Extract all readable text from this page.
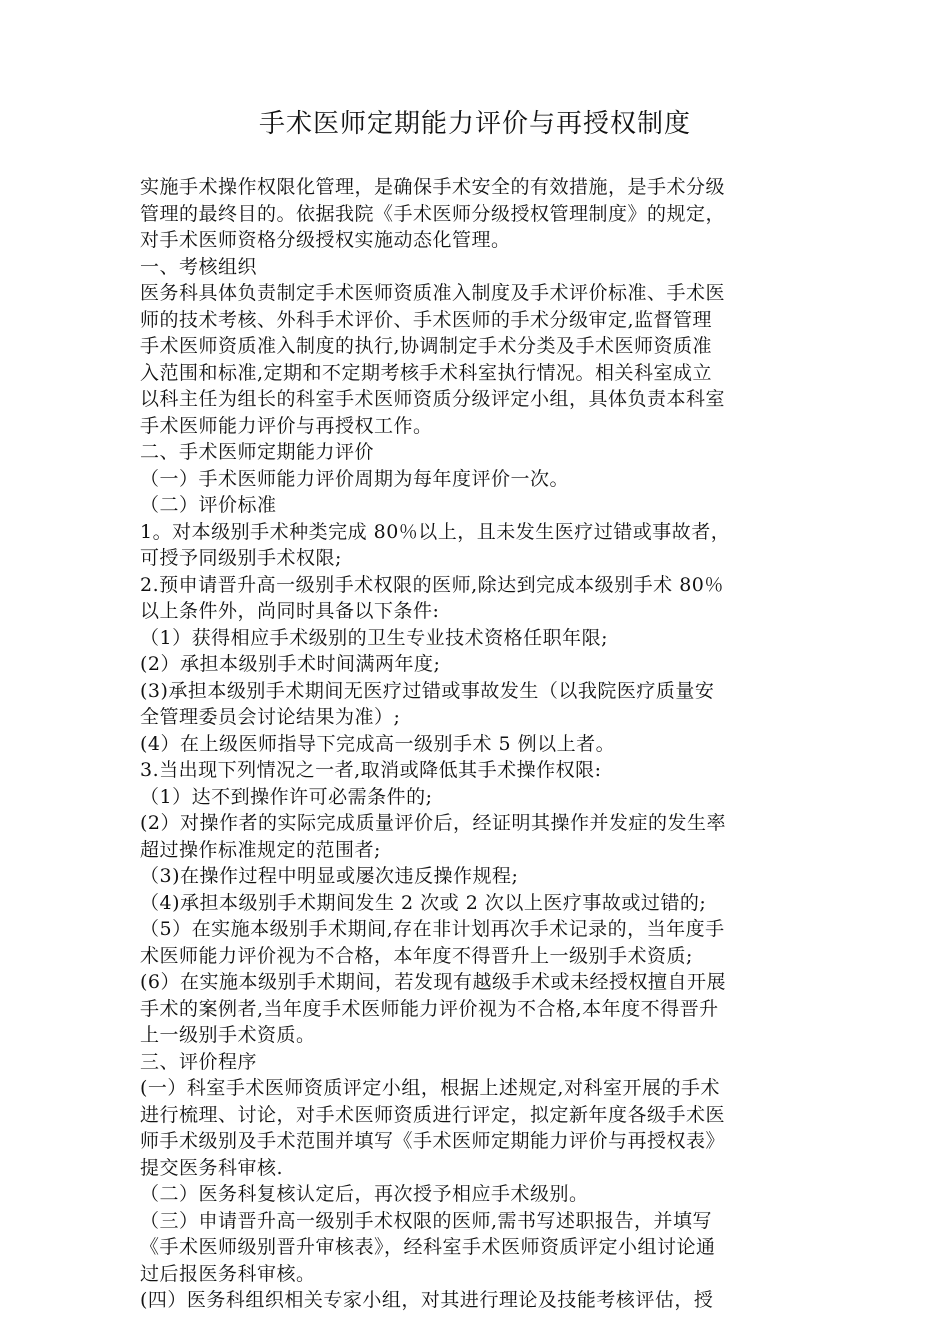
手术医师定期能力评价与再授权制度
实施手术操作权限化管理，是确保手术安全的有效措施，是手术分级
管理的最终目的。依据我院《手术医师分级授权管理制度》的规定，
对手术医师资格分级授权实施动态化管理。
一、考核组织
医务科具体负责制定手术医师资质准入制度及手术评价标准、手术医
师的技术考核、外科手术评价、手术医师的手术分级审定,监督管理
手术医师资质准入制度的执行,协调制定手术分类及手术医师资质准
入范围和标准,定期和不定期考核手术科室执行情况。相关科室成立
以科主任为组长的科室手术医师资质分级评定小组，具体负责本科室
手术医师能力评价与再授权工作。
二、手术医师定期能力评价
（一）手术医师能力评价周期为每年度评价一次。
（二）评价标准
1。对本级别手术种类完成 80％以上，且未发生医疗过错或事故者，
可授予同级别手术权限;
2.预申请晋升高一级别手术权限的医师,除达到完成本级别手术 80％
以上条件外，尚同时具备以下条件:
（1）获得相应手术级别的卫生专业技术资格任职年限;
(2）承担本级别手术时间满两年度;
(3)承担本级别手术期间无医疗过错或事故发生（以我院医疗质量安
全管理委员会讨论结果为准）;
(4）在上级医师指导下完成高一级别手术 5 例以上者。
3.当出现下列情况之一者,取消或降低其手术操作权限:
（1）达不到操作许可必需条件的;
(2）对操作者的实际完成质量评价后，经证明其操作并发症的发生率
超过操作标准规定的范围者;
（3)在操作过程中明显或屡次违反操作规程;
（4)承担本级别手术期间发生 2 次或 2 次以上医疗事故或过错的;
（5）在实施本级别手术期间,存在非计划再次手术记录的，当年度手
术医师能力评价视为不合格，本年度不得晋升上一级别手术资质;
(6）在实施本级别手术期间，若发现有越级手术或未经授权擅自开展
手术的案例者,当年度手术医师能力评价视为不合格,本年度不得晋升
上一级别手术资质。
三、评价程序
(一）科室手术医师资质评定小组，根据上述规定,对科室开展的手术
进行梳理、讨论，对手术医师资质进行评定，拟定新年度各级手术医
师手术级别及手术范围并填写《手术医师定期能力评价与再授权表》
提交医务科审核.
（二）医务科复核认定后，再次授予相应手术级别。
（三）申请晋升高一级别手术权限的医师,需书写述职报告，并填写
《手术医师级别晋升审核表》，经科室手术医师资质评定小组讨论通
过后报医务科审核。
(四）医务科组织相关专家小组，对其进行理论及技能考核评估，授
